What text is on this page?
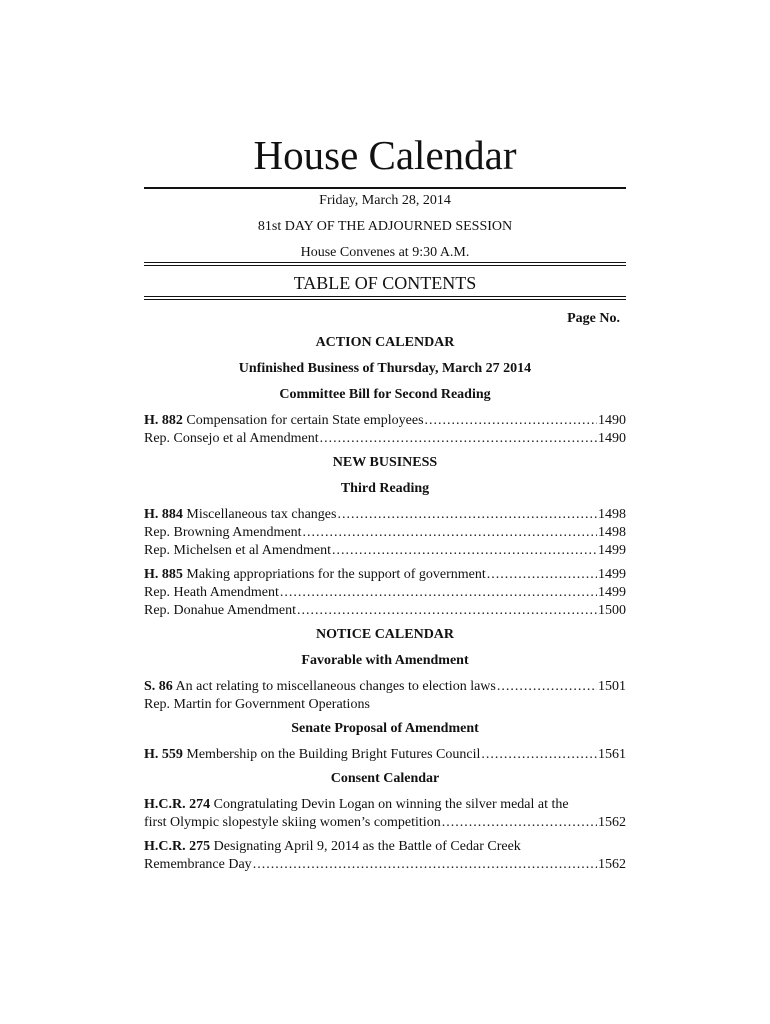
House Calendar
Friday, March 28, 2014
81st DAY OF THE ADJOURNED SESSION
House Convenes at 9:30 A.M.
TABLE OF CONTENTS
Page No.
ACTION CALENDAR
Unfinished Business of Thursday, March 27 2014
Committee Bill for Second Reading
H. 882 Compensation for certain State employees .....	1490
Rep. Consejo et al Amendment .....	1490
NEW BUSINESS
Third Reading
H. 884 Miscellaneous tax changes .....	1498
Rep. Browning Amendment .....	1498
Rep. Michelsen et al Amendment .....	1499
H. 885 Making appropriations for the support of government .....	1499
Rep. Heath Amendment .....	1499
Rep. Donahue Amendment .....	1500
NOTICE CALENDAR
Favorable with Amendment
S. 86 An act relating to miscellaneous changes to election laws .....	1501
Rep. Martin for Government Operations
Senate Proposal of Amendment
H. 559 Membership on the Building Bright Futures Council .....	1561
Consent Calendar
H.C.R. 274 Congratulating Devin Logan on winning the silver medal at the
first Olympic slopestyle skiing women’s competition .....	1562
H.C.R. 275 Designating April 9, 2014 as the Battle of Cedar Creek
Remembrance Day .....	1562
